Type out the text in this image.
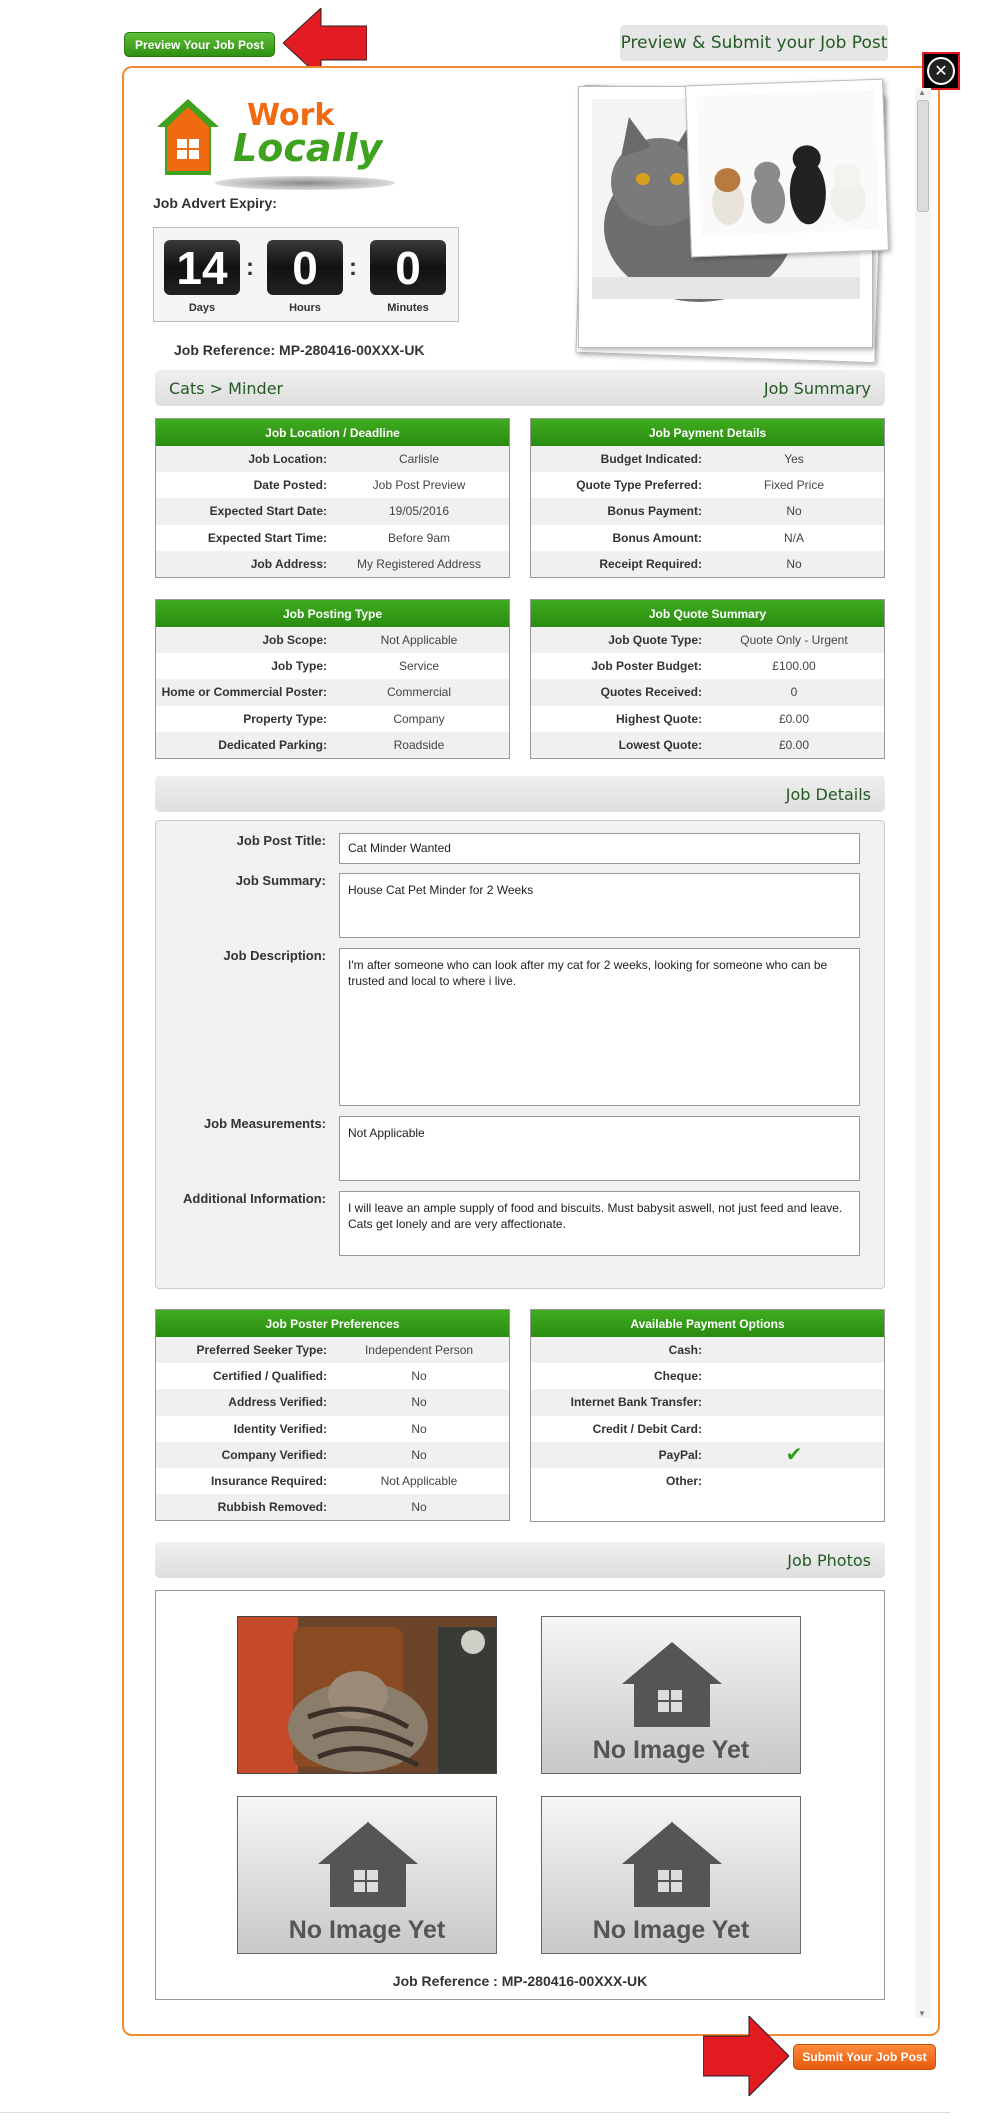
Preview Your Job Post	Preview & Submit your Job Post
✕
▲
▼
Work
Locally
Job Advert Expiry:
14 : 0	: 0
Days	Hours	Minutes
Job Reference: MP-280416-00XXX-UK
Cats > Minder	Job Summary
Job Location / Deadline
Job Location:	Carlisle
Date Posted:	Job Post Preview
Expected Start Date:	19/05/2016
Expected Start Time:	Before 9am
Job Address:	My Registered Address
Job Payment Details
Budget Indicated:	Yes
Quote Type Preferred:	Fixed Price
Bonus Payment:	No
Bonus Amount:	N/A
Receipt Required:	No
Job Posting Type
Job Scope:	Not Applicable
Job Type:	Service
Home or Commercial Poster:	Commercial
Property Type:	Company
Dedicated Parking:	Roadside
Job Quote Summary
Job Quote Type:	Quote Only - Urgent
Job Poster Budget:	£100.00
Quotes Received:	0
Highest Quote:	£0.00
Lowest Quote:	£0.00
Job Details
Job Post Title:	Cat Minder Wanted
Job Summary:
House Cat Pet Minder for 2 Weeks
Job Description:
I'm after someone who can look after my cat for 2 weeks, looking for someone who can be trusted and local to where i live.
Job Measurements:
Not Applicable
Additional Information:
I will leave an ample supply of food and biscuits. Must babysit aswell, not just feed and leave. Cats get lonely and are very affectionate.
Job Poster Preferences
Preferred Seeker Type:	Independent Person
Certified / Qualified:	No
Address Verified:	No
Identity Verified:	No
Company Verified:	No
Insurance Required:	Not Applicable
Rubbish Removed:	No
Available Payment Options
Cash:
Cheque:
Internet Bank Transfer:
Credit / Debit Card:
PayPal:	✔
Other:
Job Photos
No Image Yet
No Image Yet	No Image Yet
Job Reference : MP-280416-00XXX-UK
Submit Your Job Post
